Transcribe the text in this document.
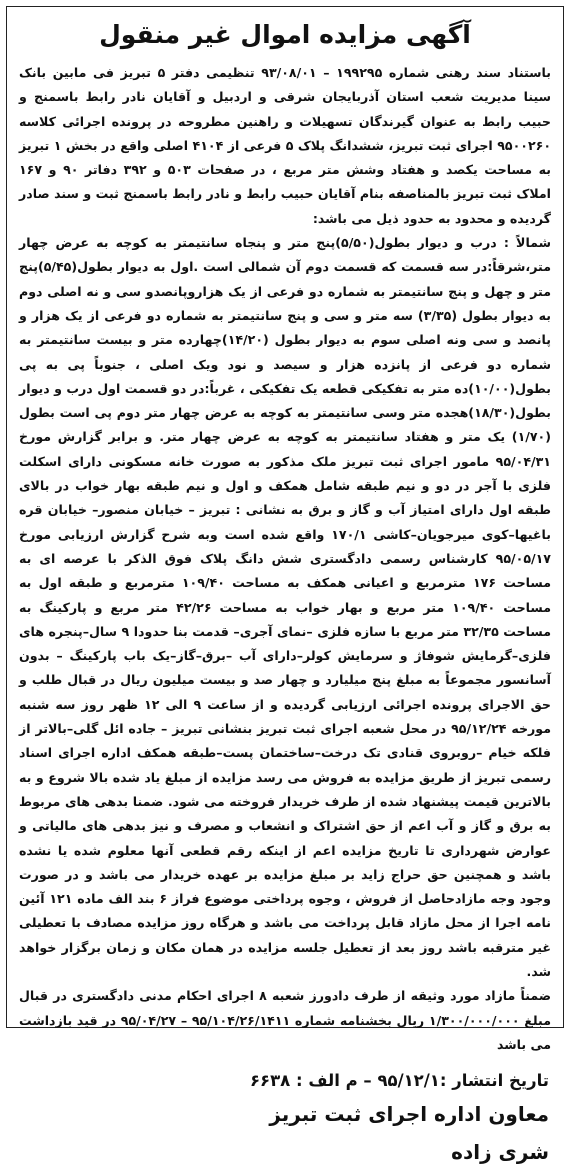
آگهی مزایده اموال غیر منقول

باستناد سند رهنی شماره ۱۹۹۲۹۵ – ۹۳/۰۸/۰۱ تنظیمی دفتر ۵ تبریز فی مابین بانک سینا مدیریت شعب استان آذربایجان شرقی و اردبیل و آقایان نادر رابط باسمنج و حبیب رابط به عنوان گیرندگان تسهیلات و راهنین مطروحه در پرونده اجرائی کلاسه ۹۵۰۰۲۶۰ اجرای ثبت تبریز، ششدانگ پلاک ۵ فرعی از ۴۱۰۴ اصلی واقع در بخش ۱ تبریز به مساحت یکصد و هفتاد وشش متر مربع ، در صفحات ۵۰۳ و ۳۹۲ دفاتر ۹۰ و ۱۶۷ املاک ثبت تبریز بالمناصفه بنام آقایان حبیب رابط و نادر رابط باسمنج ثبت و سند صادر گردیده و محدود به حدود ذیل می باشد:

شمالاً : درب و دیوار بطول(۵/۵۰)پنج متر و پنجاه سانتیمتر به کوچه به عرض چهار متر،شرقاً:در سه قسمت که قسمت دوم آن شمالی است .اول به دیوار بطول(۵/۴۵)پنج متر و چهل و پنج سانتیمتر به شماره دو فرعی از یک هزاروپانصدو سی و نه اصلی دوم به دیوار بطول (۳/۳۵) سه متر و سی و پنج سانتیمتر به شماره دو فرعی از یک هزار و پانصد و سی ونه اصلی سوم به دیوار بطول (۱۴/۲۰)چهارده متر و بیست سانتیمتر به شماره دو فرعی از پانزده هزار و سیصد و نود ویک اصلی ، جنوباً پی به پی بطول(۱۰/۰۰)ده متر به تفکیکی قطعه یک تفکیکی ، غرباً:در دو قسمت اول درب و دیوار بطول(۱۸/۳۰)هجده متر وسی سانتیمتر به کوچه به عرض چهار متر دوم پی است بطول (۱/۷۰) یک متر و هفتاد سانتیمتر به کوچه به عرض چهار متر. و برابر گزارش مورخ ۹۵/۰۴/۳۱ مامور اجرای ثبت تبریز ملک مذکور به صورت خانه مسکونی دارای اسکلت فلزی با آجر در دو و نیم طبقه شامل همکف و اول و نیم طبقه بهار خواب در بالای طبقه اول دارای امتیاز آب و گاز و برق به نشانی : تبریز – خیابان منصور– خیابان قره باغیها–کوی میرجویان–کاشی ۱۷۰/۱ واقع شده است وبه شرح گزارش ارزیابی مورخ ۹۵/۰۵/۱۷ کارشناس رسمی دادگستری شش دانگ پلاک فوق الذکر با عرصه ای به مساحت ۱۷۶ مترمربع و اعیانی همکف به مساحت ۱۰۹/۴۰ مترمربع و طبقه اول به مساحت ۱۰۹/۴۰ متر مربع و بهار خواب به مساحت ۴۲/۲۶ متر مربع و پارکینگ به مساحت ۳۲/۳۵ متر مربع با سازه فلزی –نمای آجری– قدمت بنا حدودا ۹ سال–پنجره های فلزی–گرمایش شوفاژ و سرمایش کولر–دارای آب –برق–گاز–یک باب پارکینگ – بدون آسانسور مجموعاً به مبلغ پنج میلیارد و چهار صد و بیست میلیون ریال در قبال طلب و حق الاجرای پرونده اجرائی ارزیابی گردیده و از ساعت ۹ الی ۱۲ ظهر روز سه شنبه مورخه ۹۵/۱۲/۲۴ در محل شعبه اجرای ثبت تبریز بنشانی تبریز – جاده ائل گلی–بالاتر از فلکه خیام –روبروی قنادی تک درخت–ساختمان پست–طبقه همکف اداره اجرای اسناد رسمی تبریز از طریق مزایده به فروش می رسد مزایده از مبلغ یاد شده بالا شروع و به بالاترین قیمت پیشنهاد شده از طرف خریدار فروخته می شود. ضمنا بدهی های مربوط به برق و گاز و آب اعم از حق اشتراک و انشعاب و مصرف و نیز بدهی های مالیاتی و عوارض شهرداری تا تاریخ مزایده اعم از اینکه رقم قطعی آنها معلوم شده یا نشده باشد و همچنین حق حراج زاید بر مبلغ مزایده بر عهده خریدار می باشد و در صورت وجود وجه مازادحاصل از فروش ، وجوه پرداختی موضوع فراز ۶ بند الف ماده ۱۲۱ آئین نامه اجرا از محل مازاد قابل پرداخت می باشد و هرگاه روز مزایده مصادف با تعطیلی غیر مترقبه باشد روز بعد از تعطیل جلسه مزایده در همان مکان و زمان برگزار خواهد شد.

ضمناً مازاد مورد وثیقه از طرف دادورز شعبه ۸ اجرای احکام مدنی دادگستری در قبال مبلغ ۱/۳۰۰/۰۰۰/۰۰۰ ریال بخشنامه شماره ۹۵/۱۰۴/۲۶/۱۴۱۱ – ۹۵/۰۴/۲۷ در قید بازداشت می باشد

تاریخ انتشار :۹۵/۱۲/۱ – م الف : ۶۶۳۸
معاون اداره اجرای ثبت تبریز
شری زاده
